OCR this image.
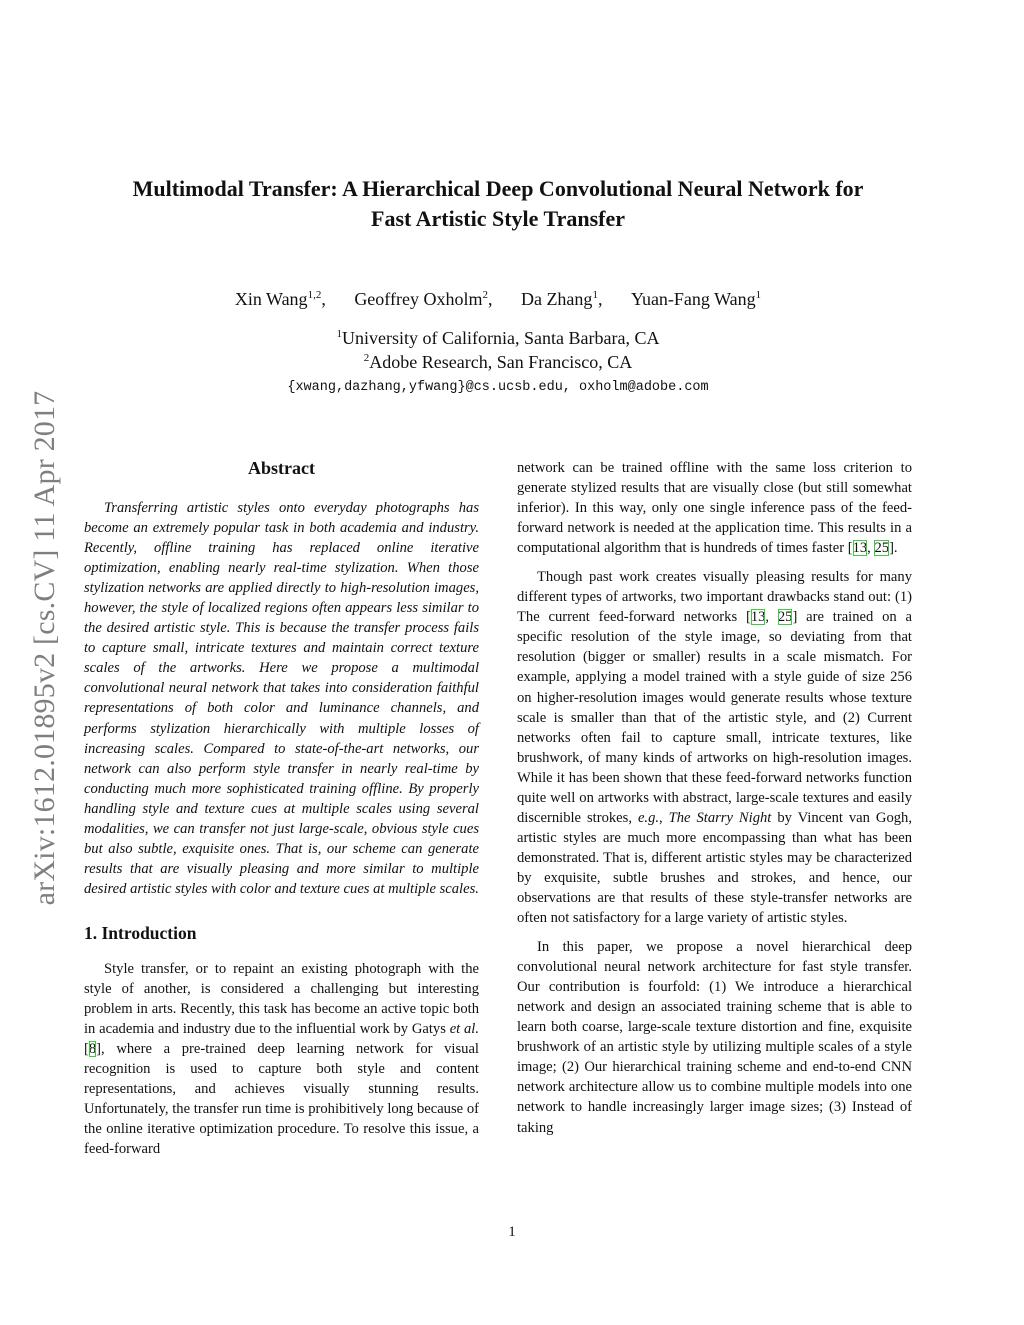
arXiv:1612.01895v2 [cs.CV] 11 Apr 2017
Multimodal Transfer: A Hierarchical Deep Convolutional Neural Network for
Fast Artistic Style Transfer
Xin Wang$^{1,2}$, Geoffrey Oxholm$^2$, Da Zhang$^1$, Yuan-Fang Wang$^1$
$^1$University of California, Santa Barbara, CA
$^2$Adobe Research, San Francisco, CA
{xwang,dazhang,yfwang}@cs.ucsb.edu, oxholm@adobe.com
Abstract

Transferring artistic styles onto everyday photographs has become an extremely popular task in both academia and industry. Recently, offline training has replaced online iterative optimization, enabling nearly real-time stylization. When those stylization networks are applied directly to high-resolution images, however, the style of localized regions often appears less similar to the desired artistic style. This is because the transfer process fails to capture small, intricate textures and maintain correct texture scales of the artworks. Here we propose a multimodal convolutional neural network that takes into consideration faithful representations of both color and luminance channels, and performs stylization hierarchically with multiple losses of increasing scales. Compared to state-of-the-art networks, our network can also perform style transfer in nearly real-time by conducting much more sophisticated training offline. By properly handling style and texture cues at multiple scales using several modalities, we can transfer not just large-scale, obvious style cues but also subtle, exquisite ones. That is, our scheme can generate results that are visually pleasing and more similar to multiple desired artistic styles with color and texture cues at multiple scales.

1. Introduction

Style transfer, or to repaint an existing photograph with the style of another, is considered a challenging but interesting problem in arts. Recently, this task has become an active topic both in academia and industry due to the influential work by Gatys et al. [8], where a pre-trained deep learning network for visual recognition is used to capture both style and content representations, and achieves visually stunning results. Unfortunately, the transfer run time is prohibitively long because of the online iterative optimization procedure. To resolve this issue, a feed-forward

network can be trained offline with the same loss criterion to generate stylized results that are visually close (but still somewhat inferior). In this way, only one single inference pass of the feed-forward network is needed at the application time. This results in a computational algorithm that is hundreds of times faster [13, 25].

Though past work creates visually pleasing results for many different types of artworks, two important drawbacks stand out: (1) The current feed-forward networks [13, 25] are trained on a specific resolution of the style image, so deviating from that resolution (bigger or smaller) results in a scale mismatch. For example, applying a model trained with a style guide of size 256 on higher-resolution images would generate results whose texture scale is smaller than that of the artistic style, and (2) Current networks often fail to capture small, intricate textures, like brushwork, of many kinds of artworks on high-resolution images. While it has been shown that these feed-forward networks function quite well on artworks with abstract, large-scale textures and easily discernible strokes, e.g., The Starry Night by Vincent van Gogh, artistic styles are much more encompassing than what has been demonstrated. That is, different artistic styles may be characterized by exquisite, subtle brushes and strokes, and hence, our observations are that results of these style-transfer networks are often not satisfactory for a large variety of artistic styles.

In this paper, we propose a novel hierarchical deep convolutional neural network architecture for fast style transfer. Our contribution is fourfold: (1) We introduce a hierarchical network and design an associated training scheme that is able to learn both coarse, large-scale texture distortion and fine, exquisite brushwork of an artistic style by utilizing multiple scales of a style image; (2) Our hierarchical training scheme and end-to-end CNN network architecture allow us to combine multiple models into one network to handle increasingly larger image sizes; (3) Instead of taking

1
